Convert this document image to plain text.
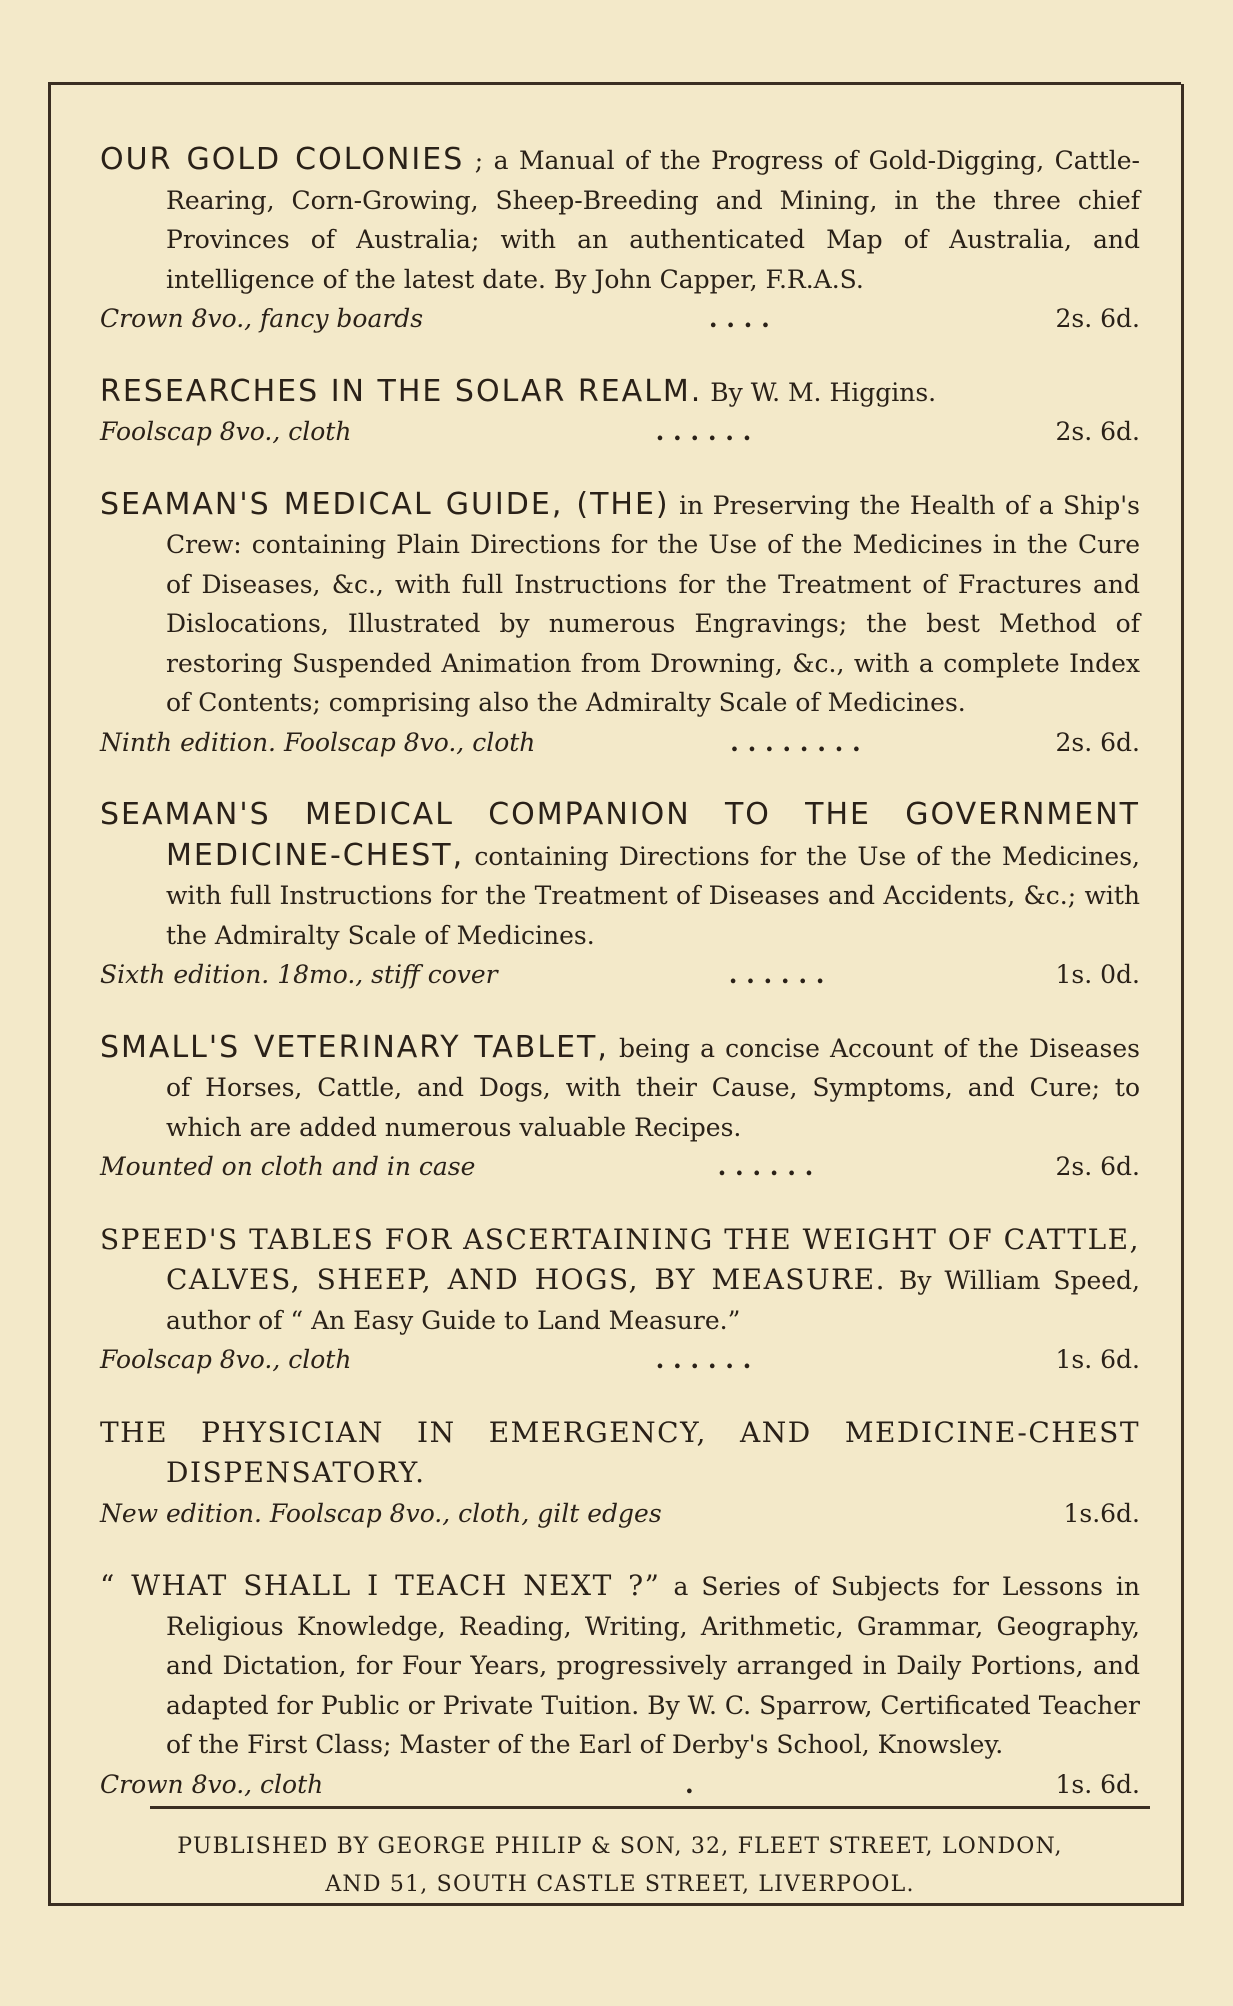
OUR GOLD COLONIES ; a Manual of the Progress of Gold-Digging, Cattle-Rearing, Corn-Growing, Sheep-Breeding and Mining, in the three chief Provinces of Australia; with an authenticated Map of Australia, and intelligence of the latest date. By John Capper, F.R.A.S.
Crown 8vo., fancy boards	. . . .	2s. 6d.
RESEARCHES IN THE SOLAR REALM. By W. M. Higgins.
Foolscap 8vo., cloth	. . . . . .	2s. 6d.
SEAMAN'S MEDICAL GUIDE, (THE) in Preserving the Health of a Ship's Crew: containing Plain Directions for the Use of the Medicines in the Cure of Diseases, &c., with full Instructions for the Treatment of Fractures and Dislocations, Illustrated by numerous Engravings; the best Method of restoring Suspended Animation from Drowning, &c., with a complete Index of Contents; comprising also the Admiralty Scale of Medicines.
Ninth edition. Foolscap 8vo., cloth	. . . . . . . .	2s. 6d.
SEAMAN'S MEDICAL COMPANION TO THE GOVERNMENT MEDICINE-CHEST, containing Directions for the Use of the Medicines, with full Instructions for the Treatment of Diseases and Accidents, &c.; with the Admiralty Scale of Medicines.
Sixth edition. 18mo., stiff cover	. . . . . .	1s. 0d.
SMALL'S VETERINARY TABLET, being a concise Account of the Diseases of Horses, Cattle, and Dogs, with their Cause, Symptoms, and Cure; to which are added numerous valuable Recipes.
Mounted on cloth and in case	. . . . . .	2s. 6d.
SPEED'S TABLES FOR ASCERTAINING THE WEIGHT OF CATTLE, CALVES, SHEEP, AND HOGS, BY MEASURE. By William Speed, author of “ An Easy Guide to Land Measure.”
Foolscap 8vo., cloth	. . . . . .	1s. 6d.
THE PHYSICIAN IN EMERGENCY, AND MEDICINE-CHEST DISPENSATORY.
New edition. Foolscap 8vo., cloth, gilt edges	1s.6d.
“ WHAT SHALL I TEACH NEXT ?” a Series of Subjects for Lessons in Religious Knowledge, Reading, Writing, Arithmetic, Grammar, Geography, and Dictation, for Four Years, progressively arranged in Daily Portions, and adapted for Public or Private Tuition. By W. C. Sparrow, Certificated Teacher of the First Class; Master of the Earl of Derby's School, Knowsley.
Crown 8vo., cloth	.	1s. 6d.
PUBLISHED BY GEORGE PHILIP & SON, 32, FLEET STREET, LONDON,
AND 51, SOUTH CASTLE STREET, LIVERPOOL.
